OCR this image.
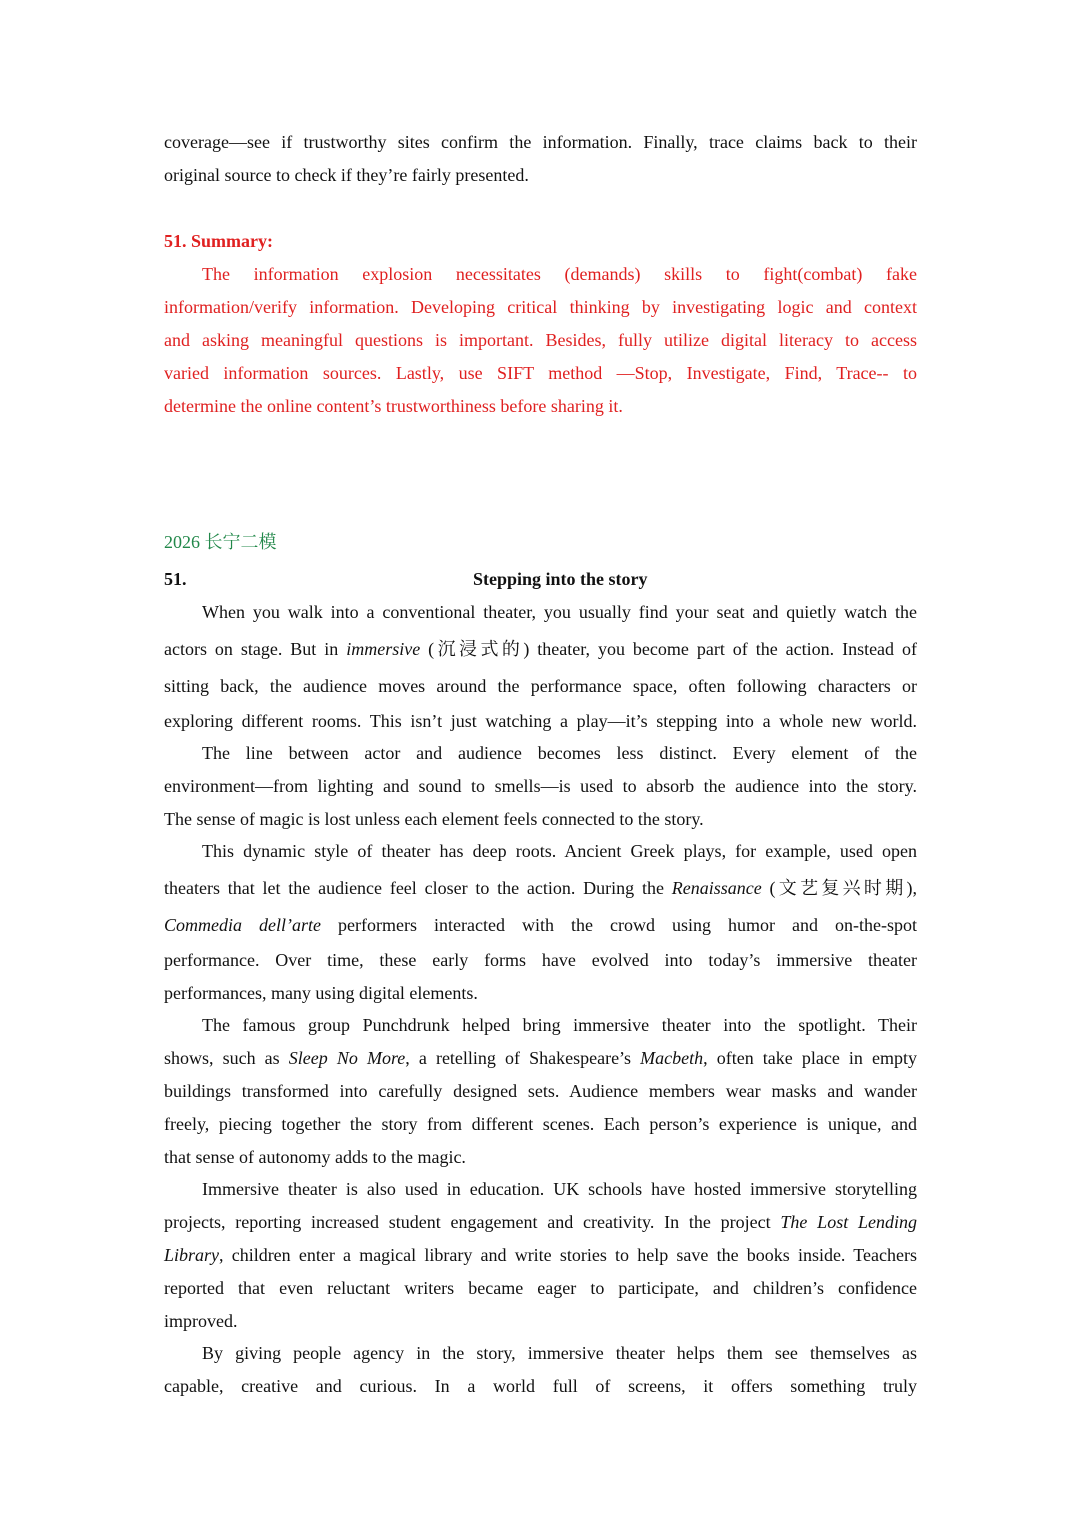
coverage—see if trustworthy sites confirm the information. Finally, trace claims back to their

original source to check if they’re fairly presented.

51. Summary:

The information explosion necessitates (demands) skills to fight(combat) fake

information/verify information. Developing critical thinking by investigating logic and context

and asking meaningful questions is important. Besides, fully utilize digital literacy to access

varied information sources. Lastly, use SIFT method —Stop, Investigate, Find, Trace-- to

determine the online content’s trustworthiness before sharing it.

2026 长宁二模
51.	Stepping into the story

When you walk into a conventional theater, you usually find your seat and quietly watch the

actors on stage. But in immersive (沉浸式的) theater, you become part of the action. Instead of

sitting back, the audience moves around the performance space, often following characters or

exploring different rooms. This isn’t just watching a play—it’s stepping into a whole new world.

The line between actor and audience becomes less distinct. Every element of the

environment—from lighting and sound to smells—is used to absorb the audience into the story.

The sense of magic is lost unless each element feels connected to the story.

This dynamic style of theater has deep roots. Ancient Greek plays, for example, used open

theaters that let the audience feel closer to the action. During the Renaissance (文艺复兴时期),

Commedia dell’arte performers interacted with the crowd using humor and on-the-spot

performance. Over time, these early forms have evolved into today’s immersive theater

performances, many using digital elements.

The famous group Punchdrunk helped bring immersive theater into the spotlight. Their

shows, such as Sleep No More, a retelling of Shakespeare’s Macbeth, often take place in empty

buildings transformed into carefully designed sets. Audience members wear masks and wander

freely, piecing together the story from different scenes. Each person’s experience is unique, and

that sense of autonomy adds to the magic.

Immersive theater is also used in education. UK schools have hosted immersive storytelling

projects, reporting increased student engagement and creativity. In the project The Lost Lending

Library, children enter a magical library and write stories to help save the books inside. Teachers

reported that even reluctant writers became eager to participate, and children’s confidence

improved.

By giving people agency in the story, immersive theater helps them see themselves as

capable, creative and curious. In a world full of screens, it offers something truly
